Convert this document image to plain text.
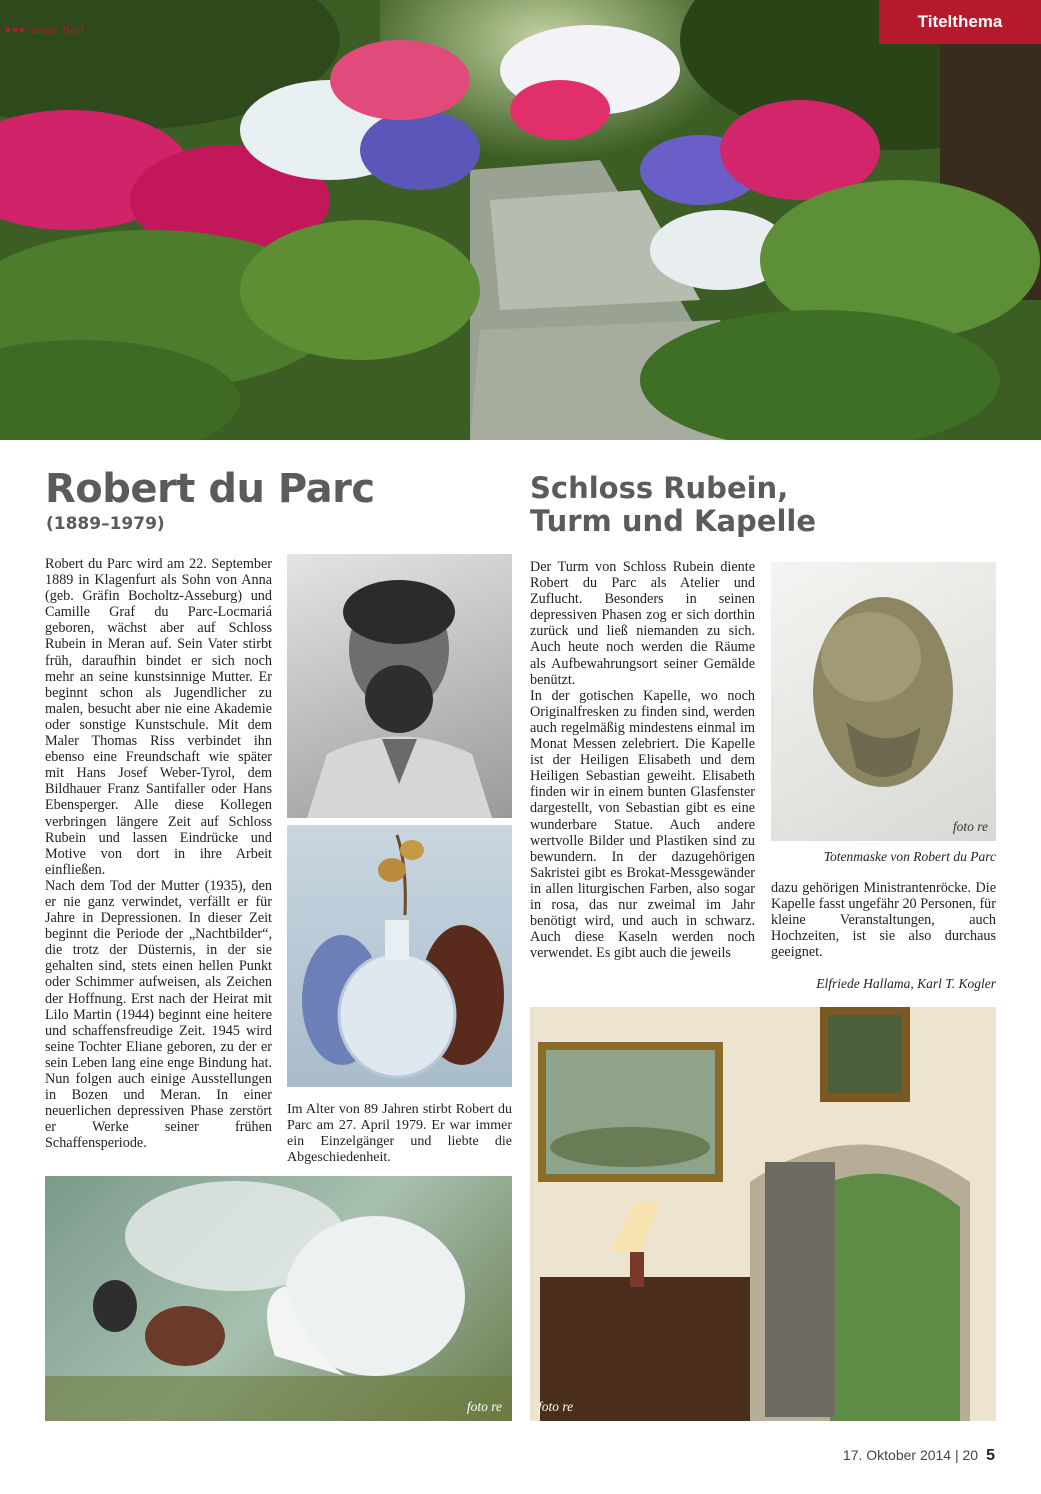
unser Tirol	Titelthema
Robert du Parc
(1889–1979)
Robert du Parc wird am 22. September 1889 in Klagenfurt als Sohn von Anna (geb. Gräfin Bocholtz-Asseburg) und Camille Graf du Parc-Locmariá geboren, wächst aber auf Schloss Rubein in Meran auf. Sein Vater stirbt früh, daraufhin bindet er sich noch mehr an seine kunstsinnige Mutter. Er beginnt schon als Jugendlicher zu malen, besucht aber nie eine Akademie oder sonstige Kunstschule. Mit dem Maler Thomas Riss verbindet ihn ebenso eine Freundschaft wie später mit Hans Josef Weber-Tyrol, dem Bildhauer Franz Santifaller oder Hans Ebensperger. Alle diese Kollegen verbringen längere Zeit auf Schloss Rubein und lassen Eindrücke und Motive von dort in ihre Arbeit einfließen.
Nach dem Tod der Mutter (1935), den er nie ganz verwindet, verfällt er für Jahre in Depressionen. In dieser Zeit beginnt die Periode der „Nachtbilder“, die trotz der Düsternis, in der sie gehalten sind, stets einen hellen Punkt oder Schimmer aufweisen, als Zeichen der Hoffnung. Erst nach der Heirat mit Lilo Martin (1944) beginnt eine heitere und schaffensfreudige Zeit. 1945 wird seine Tochter Eliane geboren, zu der er sein Leben lang eine enge Bindung hat. Nun folgen auch einige Ausstellungen in Bozen und Meran. In einer neuerlichen depressiven Phase zerstört er Werke seiner frühen Schaffensperiode.
Im Alter von 89 Jahren stirbt Robert du Parc am 27. April 1979. Er war immer ein Einzelgänger und liebte die Abgeschiedenheit.
foto re
Schloss Rubein,
Turm und Kapelle
Der Turm von Schloss Rubein diente Robert du Parc als Atelier und Zuflucht. Besonders in seinen depressiven Phasen zog er sich dorthin zurück und ließ niemanden zu sich. Auch heute noch werden die Räume als Aufbewahrungsort seiner Gemälde benützt.
In der gotischen Kapelle, wo noch Originalfresken zu finden sind, werden auch regelmäßig mindestens einmal im Monat Messen zelebriert. Die Kapelle ist der Heiligen Elisabeth und dem Heiligen Sebastian geweiht. Elisabeth finden wir in einem bunten Glasfenster dargestellt, von Sebastian gibt es eine wunderbare Statue. Auch andere wertvolle Bilder und Plastiken sind zu bewundern. In der dazugehörigen Sakristei gibt es Brokat-Messgewänder in allen liturgischen Farben, also sogar in rosa, das nur zweimal im Jahr benötigt wird, und auch in schwarz. Auch diese Kaseln werden noch verwendet. Es gibt auch die jeweils
foto re
Totenmaske von Robert du Parc
dazu gehörigen Ministrantenröcke. Die Kapelle fasst ungefähr 20 Personen, für kleine Veranstaltungen, auch Hochzeiten, ist sie also durchaus geeignet.
Elfriede Hallama, Karl T. Kogler
foto re
17. Oktober 2014 | 20 5
